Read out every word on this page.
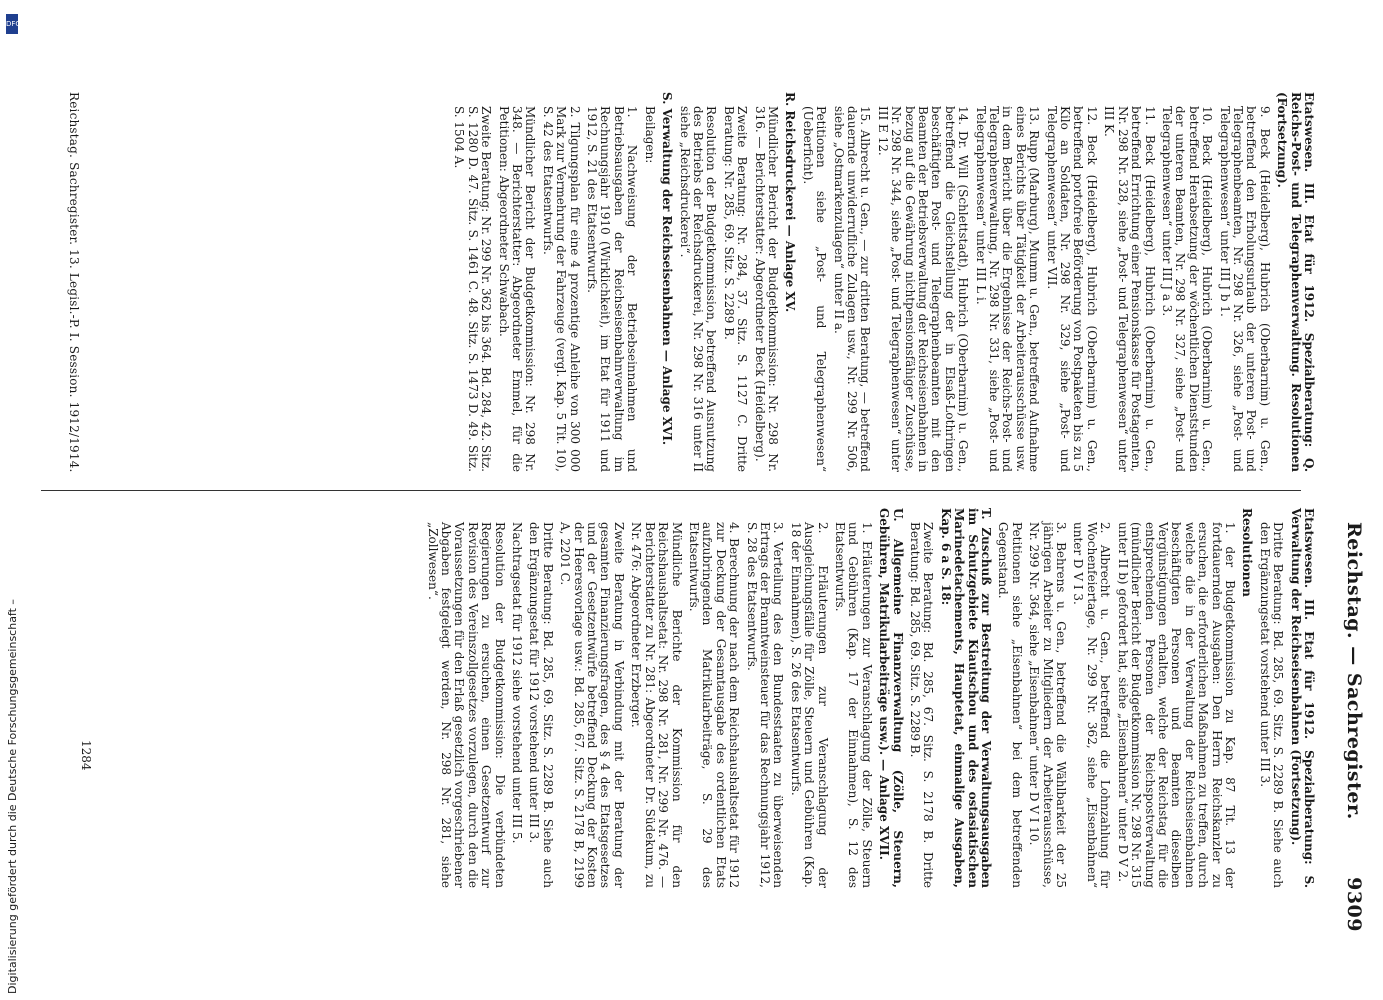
Reichstag. — Sachregister.
9309

Etatswesen. III. Etat für 1912. Spezialberatung: Q. Reichs-Post- und Telegraphenverwaltung. Resolutionen (Fortsetzung).

9. Beck (Heidelberg), Hubrich (Oberbarnim) u. Gen., betreffend den Erholungsurlaub der unteren Post- und Telegraphenbeamten, Nr. 298 Nr. 326, siehe „Post- und Telegraphenwesen“ unter III J b 1.

10. Beck (Heidelberg), Hubrich (Oberbarnim) u. Gen., betreffend Herabsetzung der wöchentlichen Dienststunden der unteren Beamten, Nr. 298 Nr. 327, siehe „Post- und Telegraphenwesen“ unter III J a 3.

11. Beck (Heidelberg), Hubrich (Oberbarnim) u. Gen., betreffend Errichtung einer Pensionskasse für Postagenten, Nr. 298 Nr. 328, siehe „Post- und Telegraphenwesen“ unter III K.

12. Beck (Heidelberg), Hubrich (Oberbarnim) u. Gen., betreffend portofreie Beförderung von Postpaketen bis zu 5 Kilo an Soldaten, Nr. 298 Nr. 329, siehe „Post- und Telegraphenwesen“ unter VII.

13. Rupp (Marburg), Mumm u. Gen., betreffend Aufnahme eines Berichts über Tätigkeit der Arbeiterausschüsse usw. in dem Bericht über die Ergebnisse der Reichs-Post- und Telegraphenverwaltung, Nr. 298 Nr. 331, siehe „Post- und Telegraphenwesen“ unter III L i.

14. Dr. Will (Schlettstadt), Hubrich (Oberbarnim) u. Gen., betreffend die Gleichstellung der in Elsaß-Lothringen beschäftigten Post- und Telegraphenbeamten mit den Beamten der Betriebsverwaltung der Reichseisenbahnen in bezug auf die Gewährung nichtpensionsfähiger Zuschüsse, Nr. 298 Nr. 344, siehe „Post- und Telegraphenwesen“ unter III E 12.

15. Albrecht u. Gen., — zur dritten Beratung, — betreffend dauernde unwiderrufliche Zulagen usw., Nr. 299 Nr. 506, siehe „Ostmarkenzulagen“ unter II a.

Petitionen siehe „Post- und Telegraphenwesen“ (Ueberficht).

R. Reichsdruckerei — Anlage XV.

Mündlicher Bericht der Budgetkommission: Nr. 298 Nr. 316. — Berichterstatter: Abgeordneter Beck (Heidelberg).

Zweite Beratung: Nr. 284, 37. Sitz. S. 1127 C. Dritte Beratung: Nr. 285, 69. Sitz. S. 2289 B.

Resolution der Budgetkommission, betreffend Ausnutzung des Betriebs der Reichsdruckerei, Nr. 298 Nr. 316 unter II siehe „Reichsdruckerei“.

S. Verwaltung der Reichseisenbahnen — Anlage XVI.

Beilagen:

1. Nachweisung der Betriebseinnahmen und Betriebsausgaben der Reichseisenbahnverwaltung im Rechnungsjahr 1910 (Wirklichkeit), im Etat für 1911 und 1912, S. 21 des Etatsentwurfs.

2. Tilgungsplan für eine 4 prozentige Anleihe von 300 000 Mark zur Vermehrung der Fahrzeuge (vergl. Kap. 5 Tit. 10), S. 42 des Etatsentwurfs.

Mündlicher Bericht der Budgetkommission: Nr. 298 Nr. 348. — Berichterstatter: Abgeordneter Emmel, für die Petitionen: Abgeordneter Schwabach.

Zweite Beratung: Nr. 299 Nr. 362 bis 364. Bd. 284, 42. Sitz. S. 1280 D. 47. Sitz. S. 1461 C. 48. Sitz. S. 1473 D. 49. Sitz. S. 1504 A.

Etatswesen. III. Etat für 1912. Spezialberatung: S. Verwaltung der Reichseisenbahnen (Fortsetzung).

Dritte Beratung: Bd. 285, 69. Sitz. S. 2289 B. Siehe auch den Ergänzungsetat vorstehend unter III 3.

Resolutionen

1. der Budgetkommission zu Kap. 87 Tit. 13 der fortdauernden Ausgaben: Den Herrn Reichskanzler zu ersuchen, die erforderlichen Maßnahmen zu treffen, durch welche die in der Verwaltung der Reichseisenbahnen beschäftigten Personen und Beamten dieselben Vergünstigungen erhalten, welche der Reichstag für die entsprechenden Personen der Reichspostverwaltung (mündlicher Bericht der Budgetkommission Nr. 298 Nr. 315 unter II b) gefordert hat, siehe „Eisenbahnen“ unter D V 2.

2. Albrecht u. Gen., betreffend die Lohnzahlung für Wochenfeiertage, Nr. 299 Nr. 362, siehe „Eisenbahnen“ unter D V I 3.

3. Behrens u. Gen., betreffend die Wählbarkeit der 25 jährigen Arbeiter zu Mitgliedern der Arbeiterausschüsse, Nr. 299 Nr. 364, siehe „Eisenbahnen“ unter D V I 10.

Petitionen siehe „Eisenbahnen“ bei dem betreffenden Gegenstand.

T. Zuschuß zur Bestreitung der Verwaltungsausgaben im Schutzgebiete Kiautschou und des ostasiatischen Marinedetachements, Hauptetat, einmalige Ausgaben, Kap. 6 a S. 18:

Zweite Beratung: Bd. 285, 67. Sitz. S. 2178 B. Dritte Beratung: Bd. 285, 69. Sitz. S. 2289 B.

U. Allgemeine Finanzverwaltung (Zölle, Steuern, Gebühren, Matrikularbeiträge usw.). — Anlage XVII.

1. Erläuterungen zur Veranschlagung der Zölle, Steuern und Gebühren (Kap. 17 der Einnahmen), S. 12 des Etatsentwurfs.

2. Erläuterungen zur Veranschlagung der Ausgleichungsfälle für Zölle, Steuern und Gebühren (Kap. 18 der Einnahmen), S. 26 des Etatsentwurfs.

3. Verteilung des den Bundesstaaten zu überweisenden Ertrags der Branntweinsteuer für das Rechnungsjahr 1912, S. 28 des Etatsentwurfs.

4. Berechnung der nach dem Reichshaushaltsetat für 1912 zur Deckung der Gesamtausgabe des ordentlichen Etats aufzubringenden Matrikularbeiträge, S. 29 des Etatsentwurfs.

Mündliche Berichte der Kommission für den Reichshaushaltsetat: Nr. 298 Nr. 281, Nr. 299 Nr. 476. — Berichterstatter zu Nr. 281: Abgeordneter Dr. Südekum, zu Nr. 476: Abgeordneter Erzberger.

Zweite Beratung in Verbindung mit der Beratung der gesamten Finanzierungsfragen, des § 4 des Etatsgesetzes und der Gesetzentwürfe betreffend Deckung der Kosten der Heeresvorlage usw.: Bd. 285, 67. Sitz. S. 2178 B, 2199 A, 2201 C.

Dritte Beratung: Bd. 285, 69. Sitz. S. 2289 B. Siehe auch den Ergänzungsetat für 1912 vorstehend unter III 3.

Nachtragsetat für 1912 siehe vorstehend unter III 5.

Resolution der Budgetkommission: Die verbündeten Regierungen zu ersuchen, einen Gesetzentwurf zur Revision des Vereinszollgesetzes vorzulegen, durch den die Voraussetzungen für den Erlaß gesetzlich vorgeschriebener Abgaben festgelegt werden, Nr. 298 Nr. 281, siehe „Zollwesen“.

Reichstag. Sachregister. 13. Legisl.-P. I. Session. 1912/1914.
1284
DFG
Digitalisierung gefördert durch die Deutsche Forschungsgemeinschaft –
